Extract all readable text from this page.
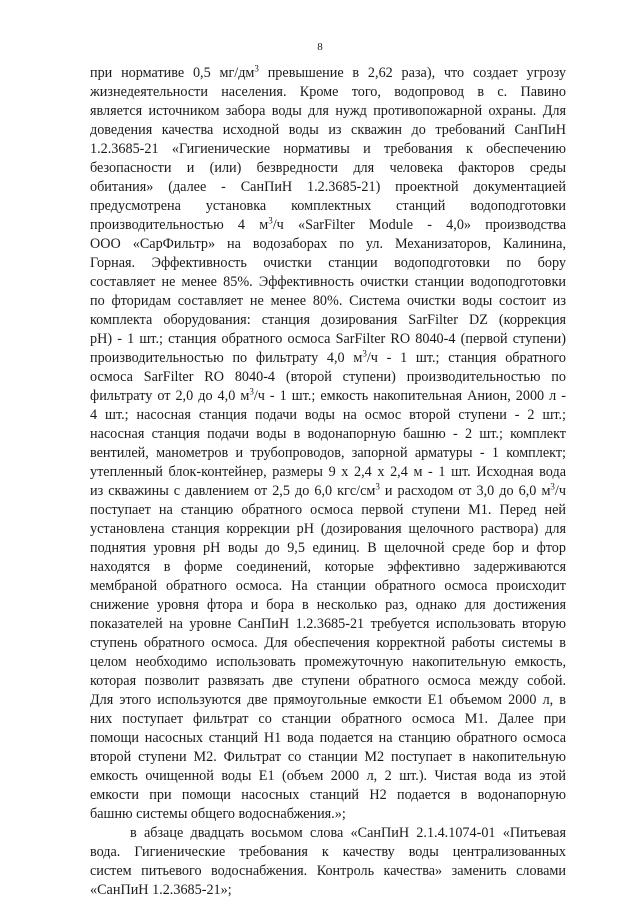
8

при нормативе 0,5 $мг/дм^3$ превышение в 2,62 раза), что создает угрозу
жизнедеятельности населения. Кроме того, водопровод в с. Павино
является источником забора воды для нужд противопожарной охраны. Для
доведения качества исходной воды из скважин до требований СанПиН
1.2.3685-21 «Гигиенические нормативы и требования к обеспечению
безопасности и (или) безвредности для человека факторов среды
обитания» (далее - СанПиН 1.2.3685-21) проектной документацией
предусмотрена установка комплектных станций водоподготовки
производительностью 4 $м^3/ч$ «SarFilter Module - 4,0» производства
ООО «СарФильтр» на водозаборах по ул. Механизаторов, Калинина,
Горная. Эффективность очистки станции водоподготовки по бору
составляет не менее 85%. Эффективность очистки станции водоподготовки
по фторидам составляет не менее 80%. Система очистки воды состоит из
комплекта оборудования: станция дозирования SarFilter DZ (коррекция
pH) - 1 шт.; станция обратного осмоса SarFilter RO 8040-4 (первой ступени)
производительностью по фильтрату 4,0 $м^3/ч - 1$ шт.; станция обратного
осмоса SarFilter RO 8040-4 (второй ступени) производительностью по
фильтрату от 2,0 до 4,0 $м^3/ч - 1$ шт.; емкость накопительная Анион, 2000 л -
4 шт.; насосная станция подачи воды на осмос второй ступени - 2 шт.;
насосная станция подачи воды в водонапорную башню - 2 шт.; комплект
вентилей, манометров и трубопроводов, запорной арматуры - 1 комплект;
утепленный блок-контейнер, размеры 9 х 2,4 х 2,4 м - 1 шт. Исходная вода
из скважины с давлением от 2,5 до 6,0 кгс/$см^3$ и расходом от 3,0 до 6,0 $м^3/ч$
поступает на станцию обратного осмоса первой ступени М1. Перед ней
установлена станция коррекции pH (дозирования щелочного раствора) для
поднятия уровня pH воды до 9,5 единиц. В щелочной среде бор и фтор
находятся в форме соединений, которые эффективно задерживаются
мембраной обратного осмоса. На станции обратного осмоса происходит
снижение уровня фтора и бора в несколько раз, однако для достижения
показателей на уровне СанПиН 1.2.3685-21 требуется использовать вторую
ступень обратного осмоса. Для обеспечения корректной работы системы в
целом необходимо использовать промежуточную накопительную емкость,
которая позволит развязать две ступени обратного осмоса между собой.
Для этого используются две прямоугольные емкости Е1 объемом 2000 л, в
них поступает фильтрат со станции обратного осмоса М1. Далее при
помощи насосных станций Н1 вода подается на станцию обратного осмоса
второй ступени М2. Фильтрат со станции М2 поступает в накопительную
емкость очищенной воды Е1 (объем 2000 л, 2 шт.). Чистая вода из этой
емкости при помощи насосных станций Н2 подается в водонапорную
башню системы общего водоснабжения.»;

в абзаце двадцать восьмом слова «СанПиН 2.1.4.1074-01 «Питьевая
вода. Гигиенические требования к качеству воды централизованных
систем питьевого водоснабжения. Контроль качества» заменить словами
«СанПиН 1.2.3685-21»;
